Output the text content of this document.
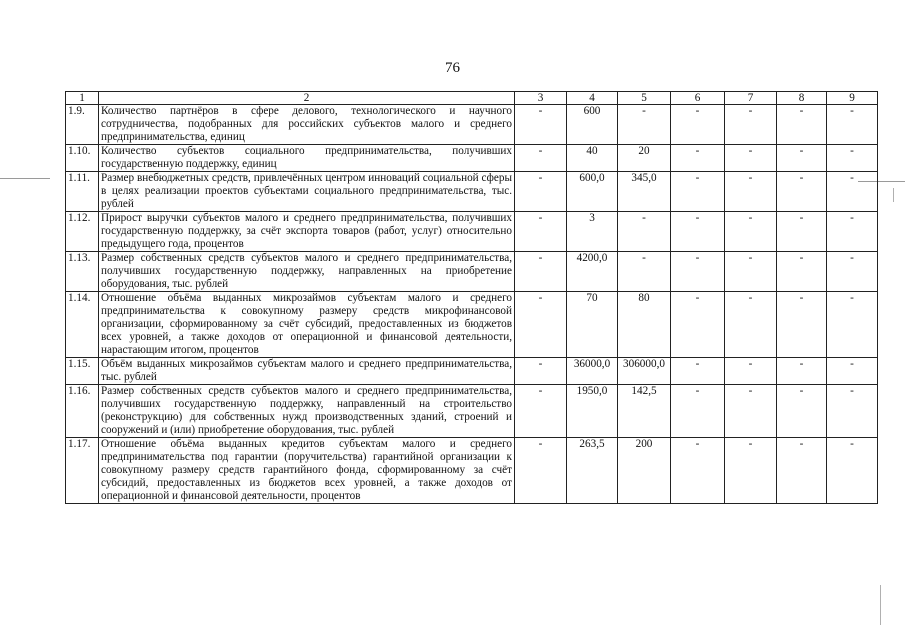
76
1	2	3	4	5	6	7	8	9
1.9.	Количество партнёров в сфере делового, технологического и научного сотрудничества, подобранных для российских субъектов малого и среднего предпринимательства, единиц	-	600	-	-	-	-	-
1.10.	Количество субъектов социального предпринимательства, получивших государственную поддержку, единиц	-	40	20	-	-	-	-
1.11.	Размер внебюджетных средств, привлечённых центром инноваций социальной сферы в целях реализации проектов субъектами социального предпринимательства, тыс. рублей	-	600,0	345,0	-	-	-	-
1.12.	Прирост выручки субъектов малого и среднего предпринимательства, получивших государственную поддержку, за счёт экспорта товаров (работ, услуг) относительно предыдущего года, процентов	-	3	-	-	-	-	-
1.13.	Размер собственных средств субъектов малого и среднего предпринимательства, получивших государственную поддержку, направленных на приобретение оборудования, тыс. рублей	-	4200,0	-	-	-	-	-
1.14.	Отношение объёма выданных микрозаймов субъектам малого и среднего предпринимательства к совокупному размеру средств микрофинансовой организации, сформированному за счёт субсидий, предоставленных из бюджетов всех уровней, а также доходов от операционной и финансовой деятельности, нарастающим итогом, процентов	-	70	80	-	-	-	-
1.15.	Объём выданных микрозаймов субъектам малого и среднего предпринимательства, тыс. рублей	-	36000,0	306000,0	-	-	-	-
1.16.	Размер собственных средств субъектов малого и среднего предпринимательства, получивших государственную поддержку, направленный на строительство (реконструкцию) для собственных нужд производственных зданий, строений и сооружений и (или) приобретение оборудования, тыс. рублей	-	1950,0	142,5	-	-	-	-
1.17.	Отношение объёма выданных кредитов субъектам малого и среднего предпринимательства под гарантии (поручительства) гарантийной организации к совокупному размеру средств гарантийного фонда, сформированному за счёт субсидий, предоставленных из бюджетов всех уровней, а также доходов от операционной и финансовой деятельности, процентов	-	263,5	200	-	-	-	-
